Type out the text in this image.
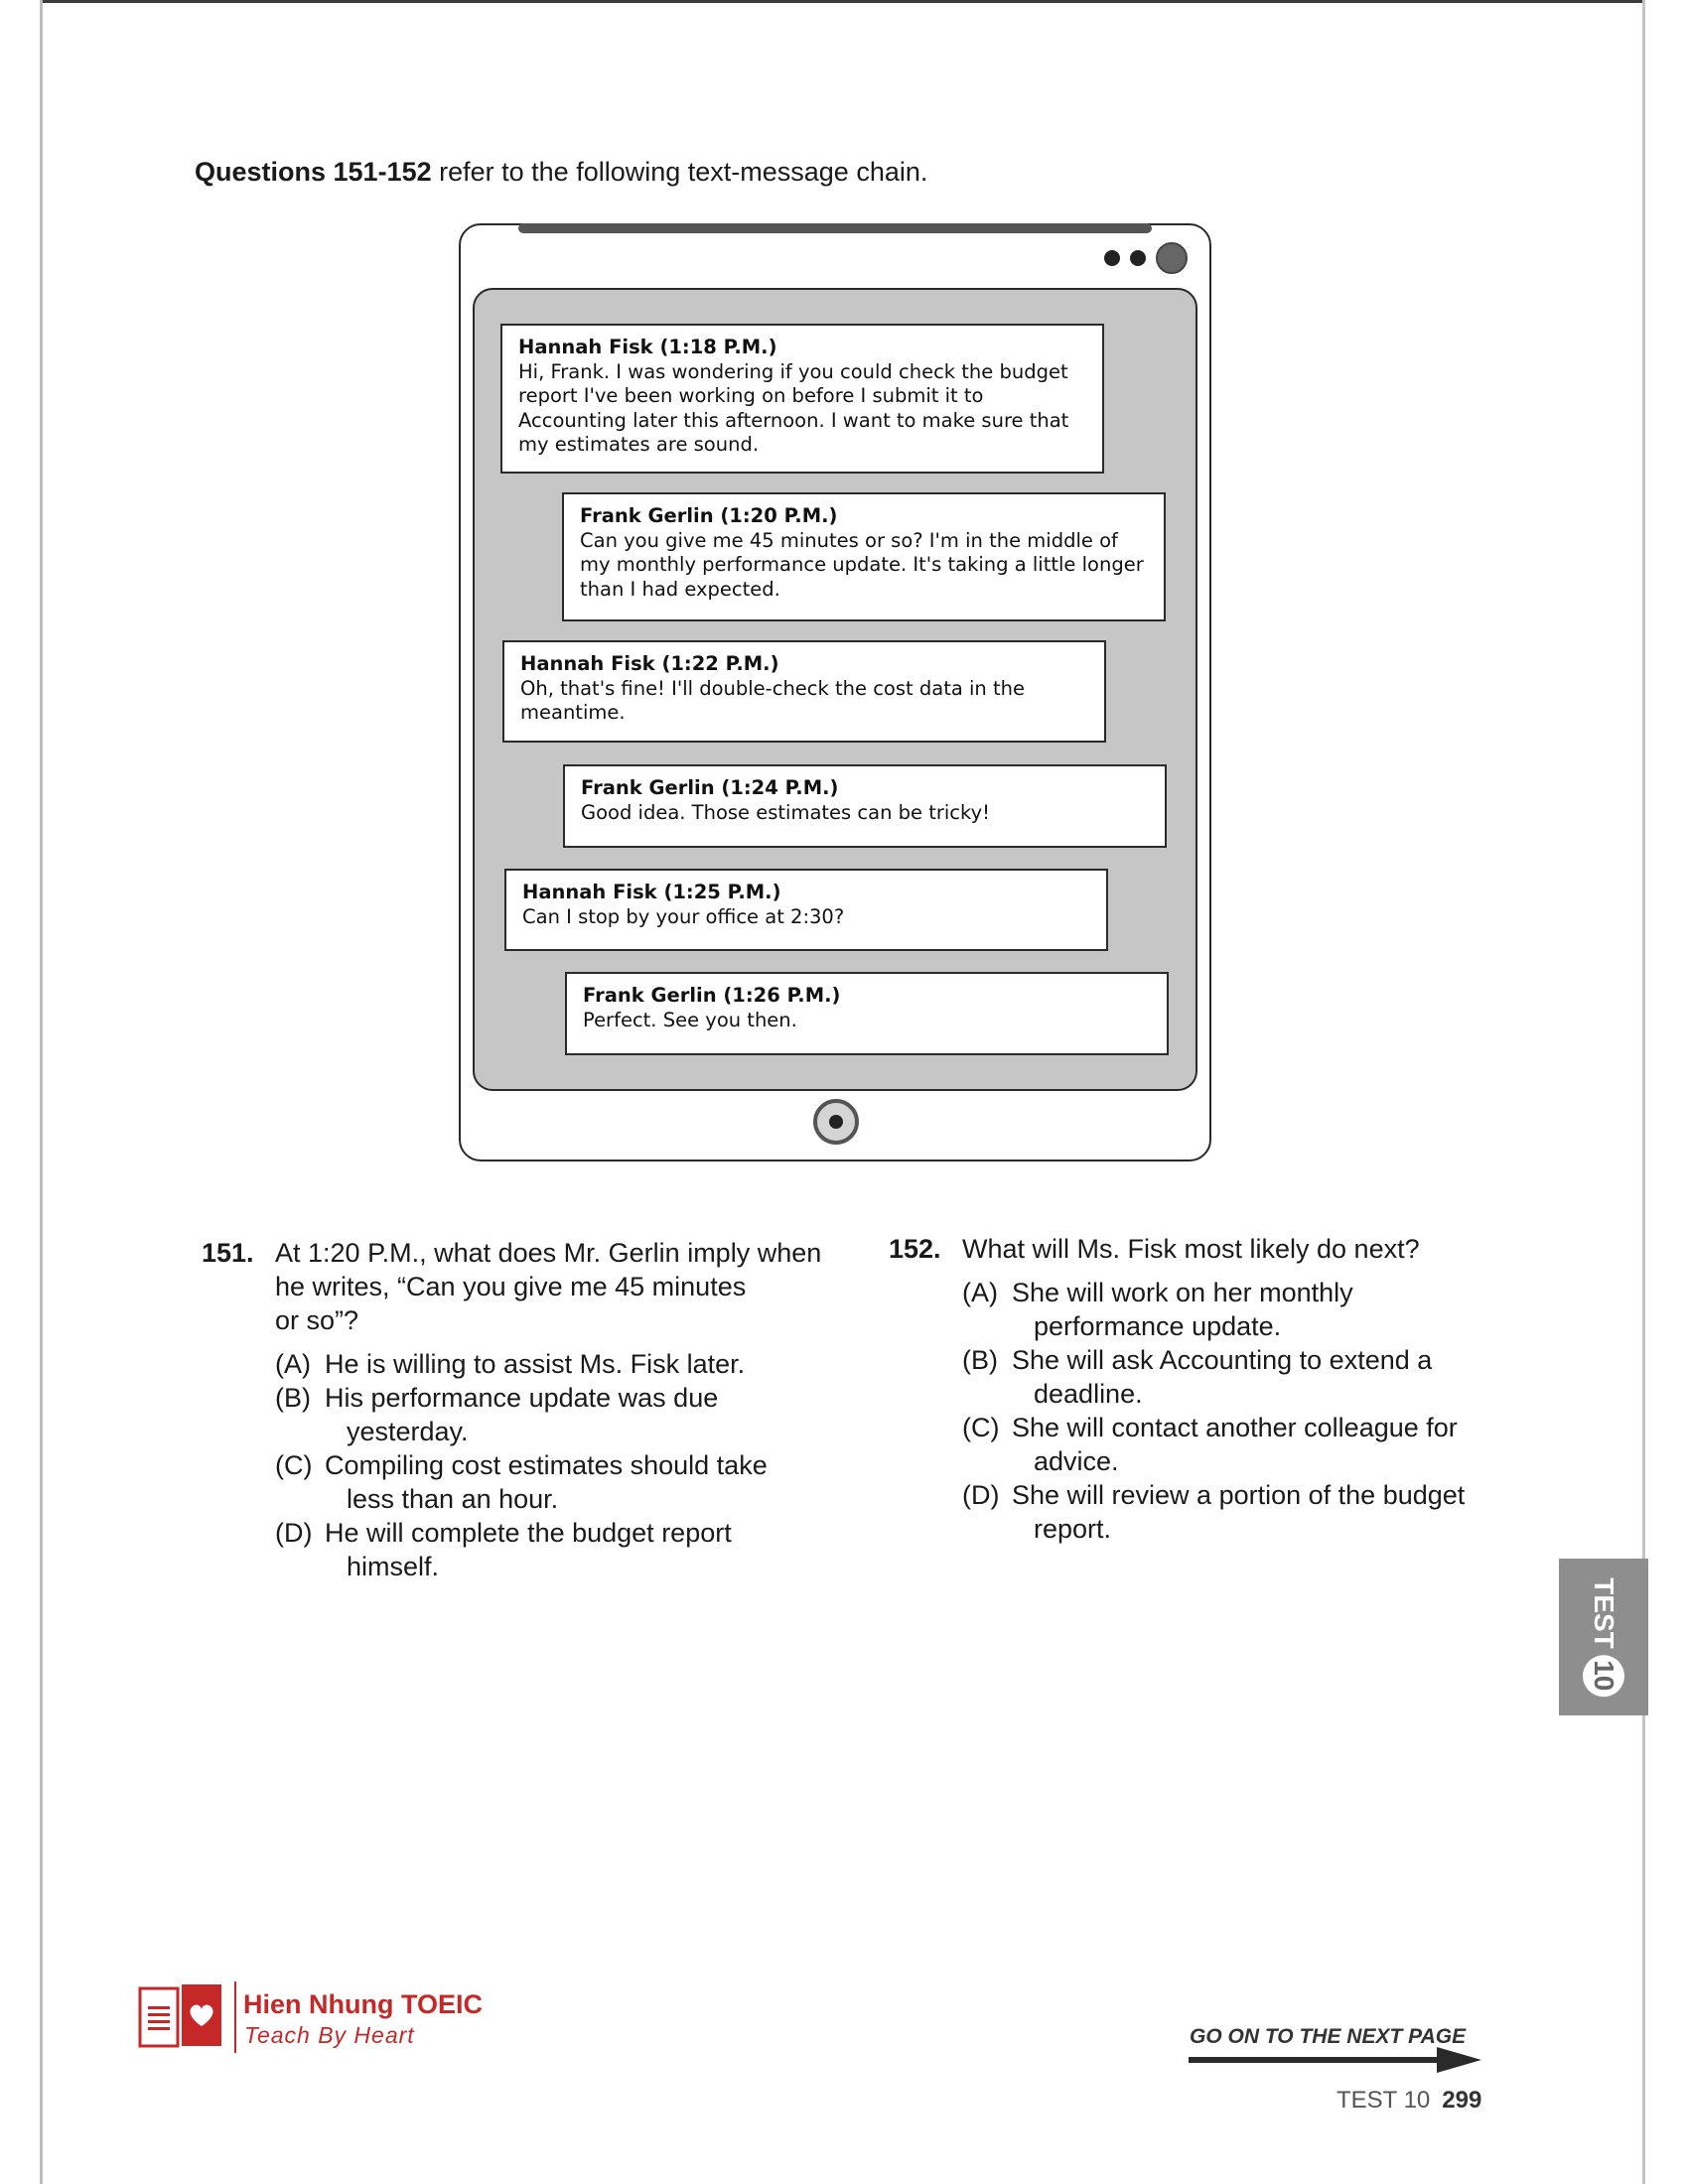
Questions 151-152 refer to the following text-message chain.
Hannah Fisk (1:18 P.M.)
Hi, Frank. I was wondering if you could check the budget report I've been working on before I submit it to Accounting later this afternoon. I want to make sure that my estimates are sound.
Frank Gerlin (1:20 P.M.)
Can you give me 45 minutes or so? I'm in the middle of my monthly performance update. It's taking a little longer than I had expected.
Hannah Fisk (1:22 P.M.)
Oh, that's fine! I'll double-check the cost data in the meantime.
Frank Gerlin (1:24 P.M.)
Good idea. Those estimates can be tricky!
Hannah Fisk (1:25 P.M.)
Can I stop by your office at 2:30?
Frank Gerlin (1:26 P.M.)
Perfect. See you then.
151. At 1:20 P.M., what does Mr. Gerlin imply when
he writes, “Can you give me 45 minutes
or so”?
(A) He is willing to assist Ms. Fisk later.
(B) His performance update was due
yesterday.
(C) Compiling cost estimates should take
less than an hour.
(D) He will complete the budget report
himself.
152. What will Ms. Fisk most likely do next?
(A) She will work on her monthly
performance update.
(B) She will ask Accounting to extend a
deadline.
(C) She will contact another colleague for
advice.
(D) She will review a portion of the budget
report.
TEST
10
Hien Nhung TOEIC
Teach By Heart	GO ON TO THE NEXT PAGE
TEST 10 299
